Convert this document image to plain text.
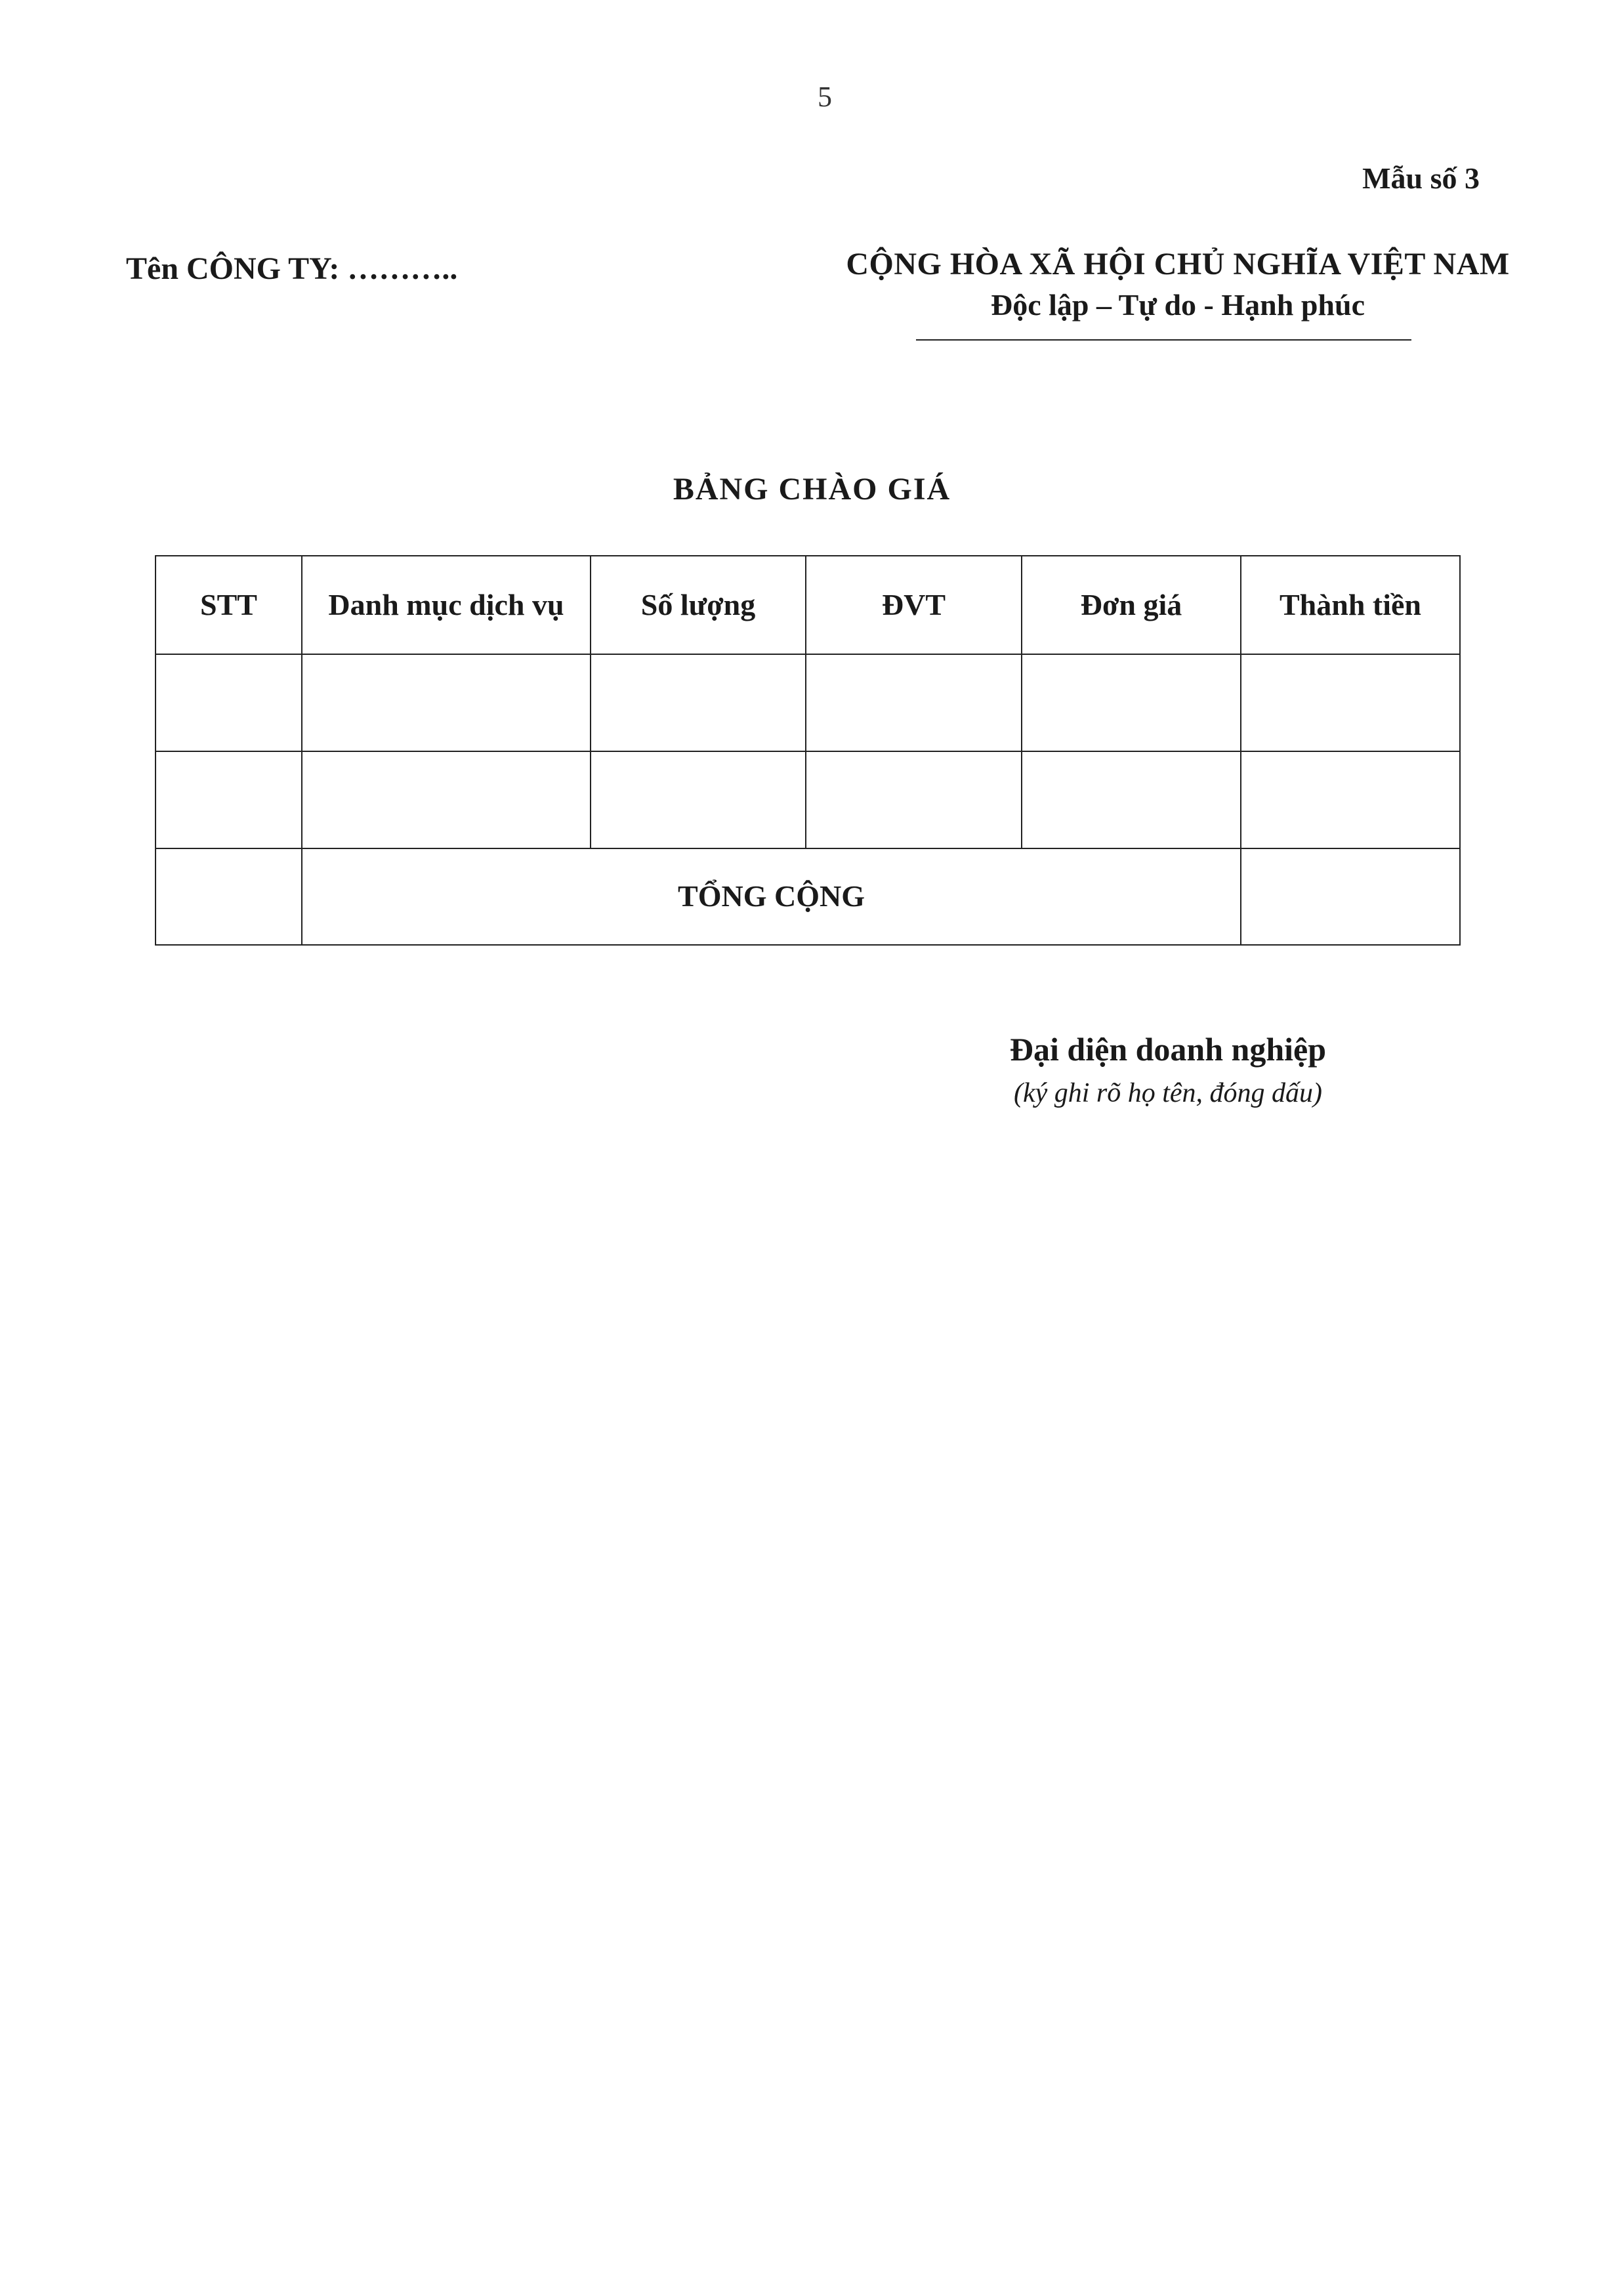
5
Mẫu số 3
Tên CÔNG TY: ………..	CỘNG HÒA XÃ HỘI CHỦ NGHĨA VIỆT NAM
Độc lập – Tự do - Hạnh phúc
BẢNG CHÀO GIÁ
STT	Danh mục dịch vụ	Số lượng	ĐVT	Đơn giá	Thành tiền

	TỔNG CỘNG				
Đại diện doanh nghiệp
(ký ghi rõ họ tên, đóng dấu)
